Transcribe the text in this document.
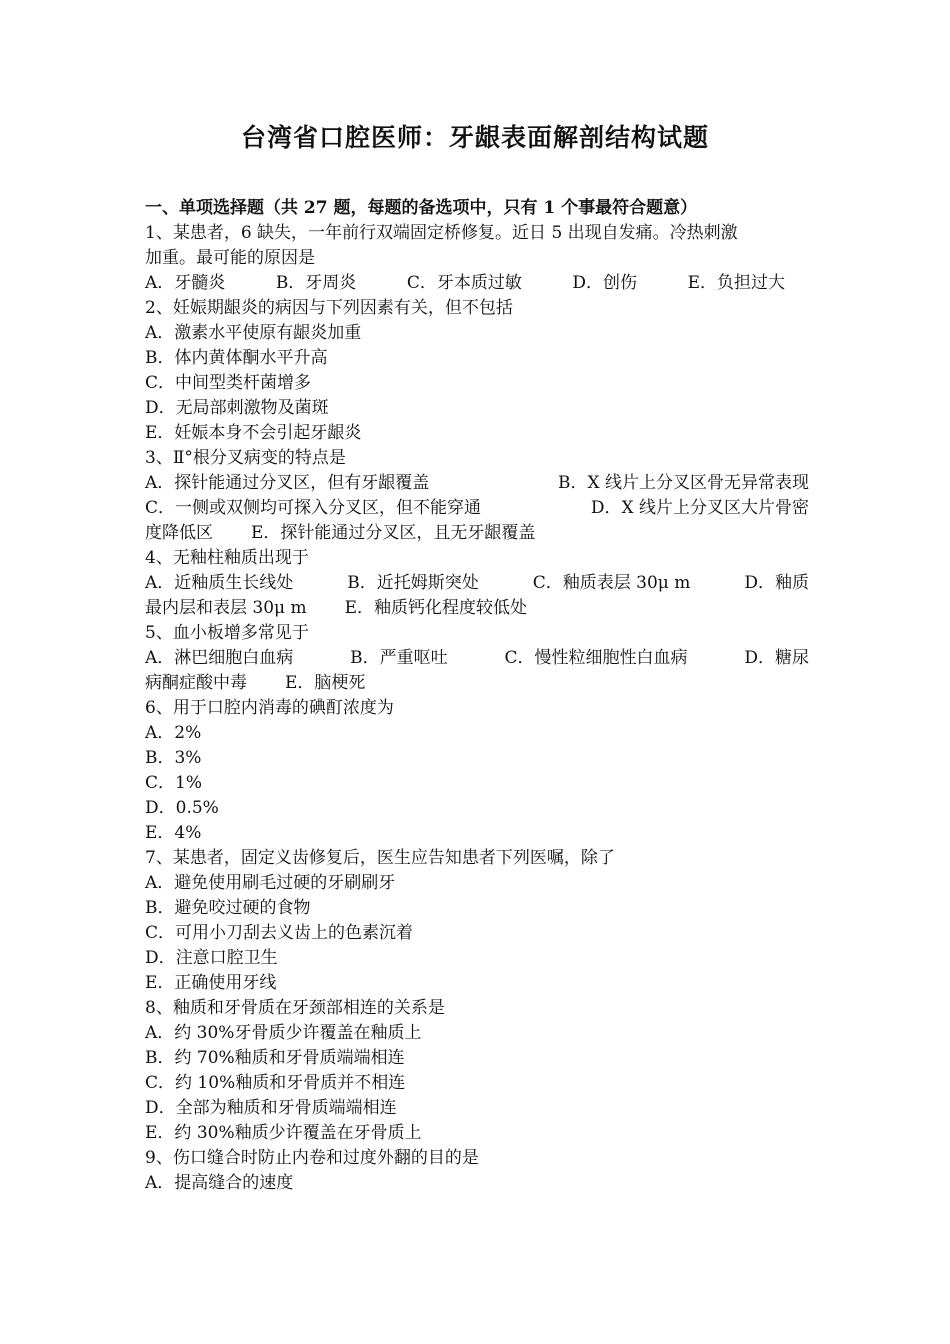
台湾省口腔医师：牙龈表面解剖结构试题
一、单项选择题（共 27 题，每题的备选项中，只有 1 个事最符合题意）
1、某患者，6 缺失，一年前行双端固定桥修复。近日 5 出现自发痛。冷热刺激
加重。最可能的原因是
A．牙髓炎	B．牙周炎	C．牙本质过敏	D．创伤	E．负担过大
2、妊娠期龈炎的病因与下列因素有关，但不包括
A．激素水平使原有龈炎加重
B．体内黄体酮水平升高
C．中间型类杆菌增多
D．无局部刺激物及菌斑
E．妊娠本身不会引起牙龈炎
3、Ⅱ°根分叉病变的特点是
A．探针能通过分叉区，但有牙龈覆盖	B．X 线片上分叉区骨无异常表现
C．一侧或双侧均可探入分叉区，但不能穿通	D．X 线片上分叉区大片骨密
度降低区 E．探针能通过分叉区，且无牙龈覆盖
4、无釉柱釉质出现于
A．近釉质生长线处	B．近托姆斯突处	C．釉质表层 30μ m	D．釉质
最内层和表层 30μ m E．釉质钙化程度较低处
5、血小板增多常见于
A．淋巴细胞白血病	B．严重呕吐	C．慢性粒细胞性白血病	D．糖尿
病酮症酸中毒 E．脑梗死
6、用于口腔内消毒的碘酊浓度为
A．2%
B．3%
C．1%
D．0.5%
E．4%
7、某患者，固定义齿修复后，医生应告知患者下列医嘱，除了
A．避免使用刷毛过硬的牙刷刷牙
B．避免咬过硬的食物
C．可用小刀刮去义齿上的色素沉着
D．注意口腔卫生
E．正确使用牙线
8、釉质和牙骨质在牙颈部相连的关系是
A．约 30%牙骨质少许覆盖在釉质上
B．约 70%釉质和牙骨质端端相连
C．约 10%釉质和牙骨质并不相连
D．全部为釉质和牙骨质端端相连
E．约 30%釉质少许覆盖在牙骨质上
9、伤口缝合时防止内卷和过度外翻的目的是
A．提高缝合的速度
